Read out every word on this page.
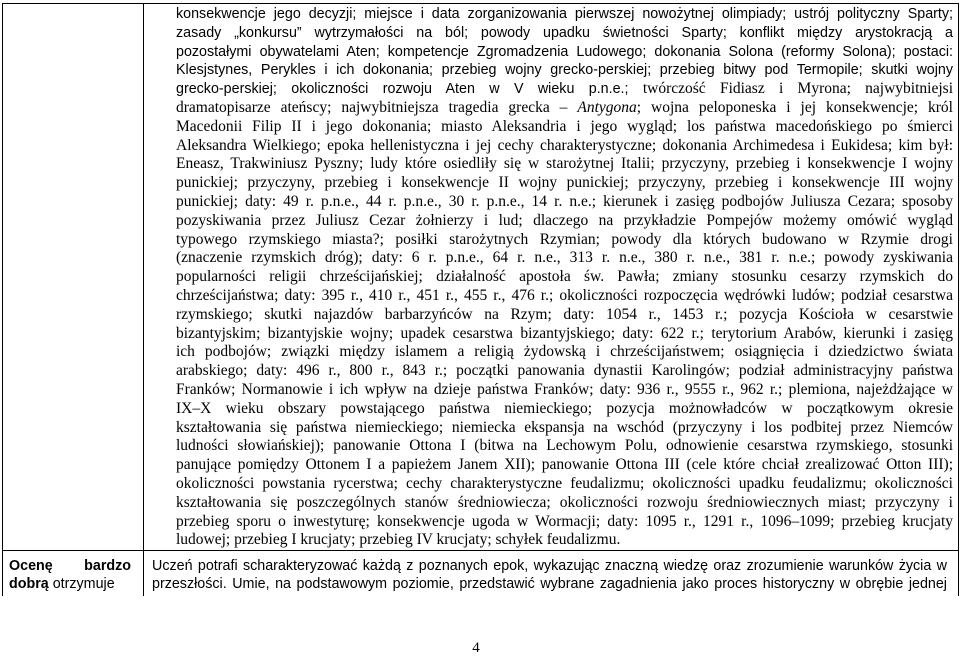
konsekwencje jego decyzji; miejsce i data zorganizowania pierwszej nowożytnej olimpiady; ustrój polityczny Sparty;
zasady „konkursu” wytrzymałości na ból; powody upadku świetności Sparty; konflikt między arystokracją a
pozostałymi obywatelami Aten; kompetencje Zgromadzenia Ludowego; dokonania Solona (reformy Solona); postaci:
Klesjstynes, Perykles i ich dokonania; przebieg wojny grecko-perskiej; przebieg bitwy pod Termopile; skutki wojny
grecko-perskiej; okoliczności rozwoju Aten w V wieku p.n.e.; twórczość Fidiasz i Myrona; najwybitniejsi
dramatopisarze ateńscy; najwybitniejsza tragedia grecka – Antygona; wojna peloponeska i jej konsekwencje; król
Macedonii Filip II i jego dokonania; miasto Aleksandria i jego wygląd; los państwa macedońskiego po śmierci
Aleksandra Wielkiego; epoka hellenistyczna i jej cechy charakterystyczne; dokonania Archimedesa i Eukidesa; kim był:
Eneasz, Trakwiniusz Pyszny; ludy które osiedliły się w starożytnej Italii; przyczyny, przebieg i konsekwencje I wojny
punickiej; przyczyny, przebieg i konsekwencje II wojny punickiej; przyczyny, przebieg i konsekwencje III wojny
punickiej; daty: 49 r. p.n.e., 44 r. p.n.e., 30 r. p.n.e., 14 r. n.e.; kierunek i zasięg podbojów Juliusza Cezara; sposoby
pozyskiwania przez Juliusz Cezar żołnierzy i lud; dlaczego na przykładzie Pompejów możemy omówić wygląd
typowego rzymskiego miasta?; posiłki starożytnych Rzymian; powody dla których budowano w Rzymie drogi
(znaczenie rzymskich dróg); daty: 6 r. p.n.e., 64 r. n.e., 313 r. n.e., 380 r. n.e., 381 r. n.e.; powody zyskiwania
popularności religii chrześcijańskiej; działalność apostoła św. Pawła; zmiany stosunku cesarzy rzymskich do
chrześcijaństwa; daty: 395 r., 410 r., 451 r., 455 r., 476 r.; okoliczności rozpoczęcia wędrówki ludów; podział cesarstwa
rzymskiego; skutki najazdów barbarzyńców na Rzym; daty: 1054 r., 1453 r.; pozycja Kościoła w cesarstwie
bizantyjskim; bizantyjskie wojny; upadek cesarstwa bizantyjskiego; daty: 622 r.; terytorium Arabów, kierunki i zasięg
ich podbojów; związki między islamem a religią żydowską i chrześcijaństwem; osiągnięcia i dziedzictwo świata
arabskiego; daty: 496 r., 800 r., 843 r.; początki panowania dynastii Karolingów; podział administracyjny państwa
Franków; Normanowie i ich wpływ na dzieje państwa Franków; daty: 936 r., 9555 r., 962 r.; plemiona, najeżdżające w
IX–X wieku obszary powstającego państwa niemieckiego; pozycja możnowładców w początkowym okresie
kształtowania się państwa niemieckiego; niemiecka ekspansja na wschód (przyczyny i los podbitej przez Niemców
ludności słowiańskiej); panowanie Ottona I (bitwa na Lechowym Polu, odnowienie cesarstwa rzymskiego, stosunki
panujące pomiędzy Ottonem I a papieżem Janem XII); panowanie Ottona III (cele które chciał zrealizować Otton III);
okoliczności powstania rycerstwa; cechy charakterystyczne feudalizmu; okoliczności upadku feudalizmu; okoliczności
kształtowania się poszczególnych stanów średniowiecza; okoliczności rozwoju średniowiecznych miast; przyczyny i
przebieg sporu o inwestyturę; konsekwencje ugoda w Wormacji; daty: 1095 r., 1291 r., 1096–1099; przebieg krucjaty
ludowej; przebieg I krucjaty; przebieg IV krucjaty; schyłek feudalizmu.
Ocenę bardzo dobrą otrzymuje
Uczeń potrafi scharakteryzować każdą z poznanych epok, wykazując znaczną wiedzę oraz zrozumienie warunków życia w
przeszłości. Umie, na podstawowym poziomie, przedstawić wybrane zagadnienia jako proces historyczny w obrębie jednej
4
